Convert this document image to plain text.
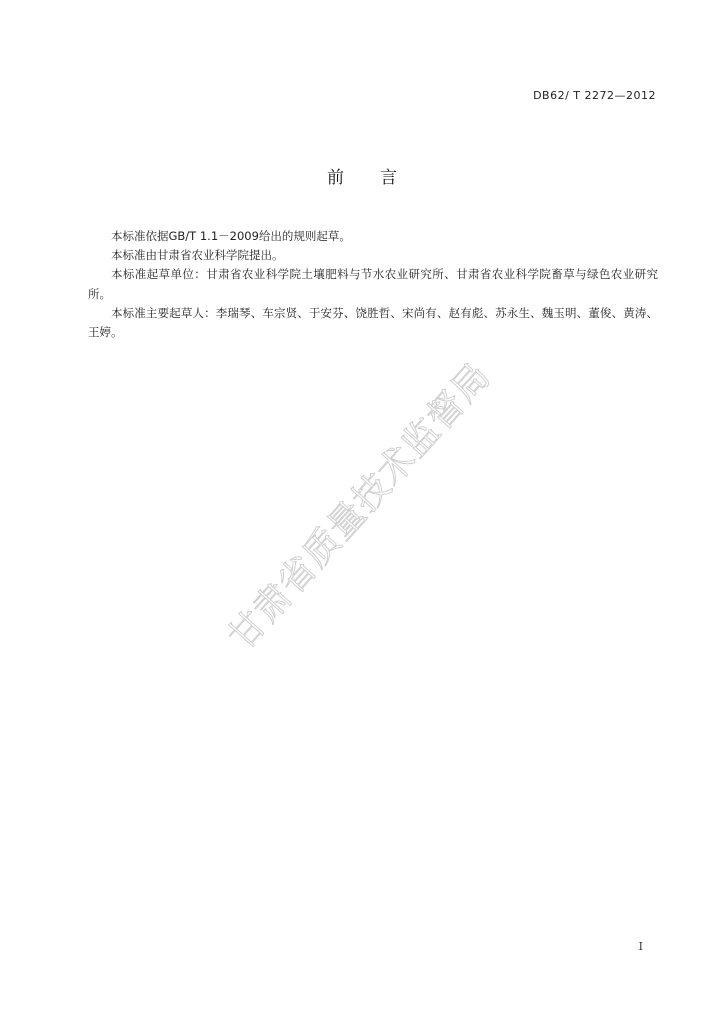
DB62/ T 2272—2012
前言

本标准依据GB/T 1.1－2009给出的规则起草。

本标准由甘肃省农业科学院提出。

本标准起草单位：甘肃省农业科学院土壤肥料与节水农业研究所、甘肃省农业科学院畜草与绿色农业研究所。

本标准主要起草人：李瑞琴、车宗贤、于安芬、饶胜哲、宋尚有、赵有彪、苏永生、魏玉明、董俊、黄涛、王婷。

甘肃省质量技术监督局
I
